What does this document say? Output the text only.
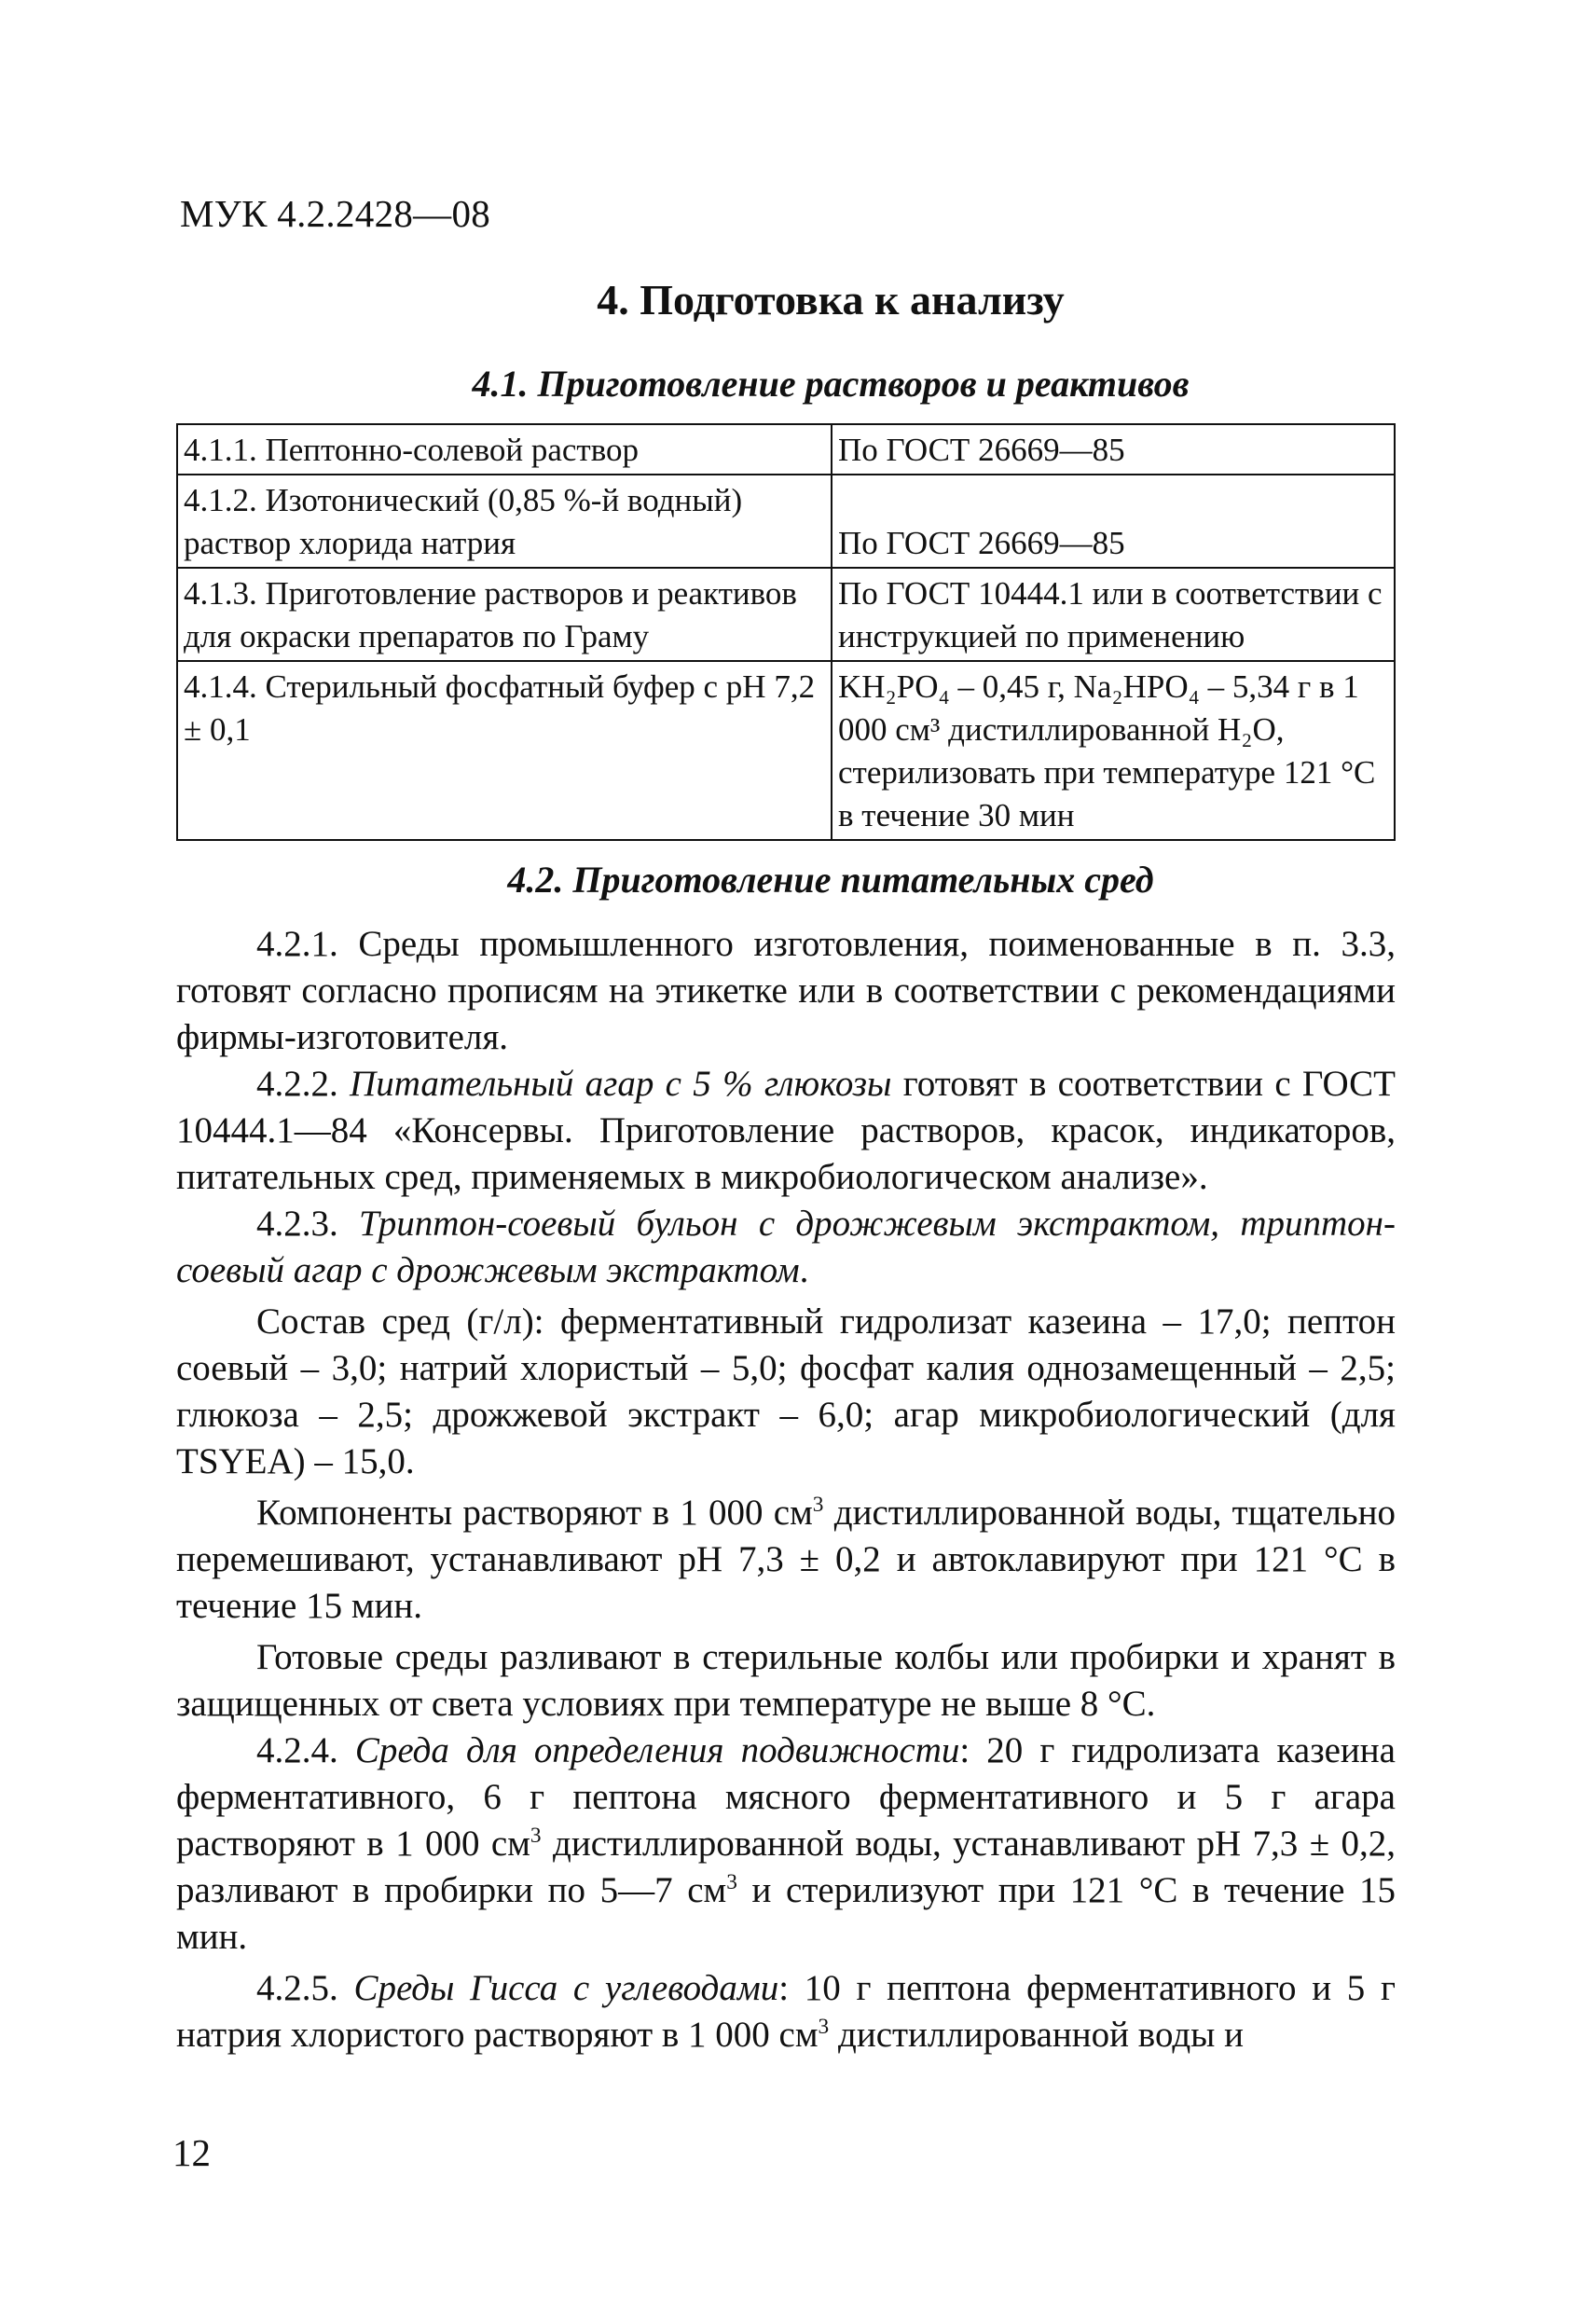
МУК 4.2.2428—08
4. Подготовка к анализу
4.1. Приготовление растворов и реактивов
4.1.1. Пептонно-солевой раствор	По ГОСТ 26669—85
4.1.2. Изотонический (0,85 %-й водный) раствор хлорида натрия	По ГОСТ 26669—85
4.1.3. Приготовление растворов и реактивов для окраски препаратов по Граму	По ГОСТ 10444.1 или в соответствии с инструкцией по применению
4.1.4. Стерильный фосфатный буфер с pH 7,2 ± 0,1	KH₂PO₄ – 0,45 г, Na₂HPO₄ – 5,34 г в 1 000 см³ дистиллированной H₂O, стерилизовать при температуре 121 °С в течение 30 мин
4.2. Приготовление питательных сред

4.2.1. Среды промышленного изготовления, поименованные в п. 3.3, готовят согласно прописям на этикетке или в соответствии с рекомендациями фирмы-изготовителя.

4.2.2. Питательный агар с 5 % глюкозы готовят в соответствии с ГОСТ 10444.1—84 «Консервы. Приготовление растворов, красок, индикаторов, питательных сред, применяемых в микробиологическом анализе».

4.2.3. Триптон-соевый бульон с дрожжевым экстрактом, триптон-соевый агар с дрожжевым экстрактом.

Состав сред (г/л): ферментативный гидролизат казеина – 17,0; пептон соевый – 3,0; натрий хлористый – 5,0; фосфат калия однозамещенный – 2,5; глюкоза – 2,5; дрожжевой экстракт – 6,0; агар микробиологический (для TSYEA) – 15,0.

Компоненты растворяют в 1 000 $см^3$ дистиллированной воды, тщательно перемешивают, устанавливают pH 7,3 ± 0,2 и автоклавируют при 121 °С в течение 15 мин.

Готовые среды разливают в стерильные колбы или пробирки и хранят в защищенных от света условиях при температуре не выше 8 °С.

4.2.4. Среда для определения подвижности: 20 г гидролизата казеина ферментативного, 6 г пептона мясного ферментативного и 5 г агара растворяют в 1 000 $см^3$ дистиллированной воды, устанавливают pH 7,3 ± 0,2, разливают в пробирки по 5—7 $см^3$ и стерилизуют при 121 °С в течение 15 мин.

4.2.5. Среды Гисса с углеводами: 10 г пептона ферментативного и 5 г натрия хлористого растворяют в 1 000 $см^3$ дистиллированной воды и

12
